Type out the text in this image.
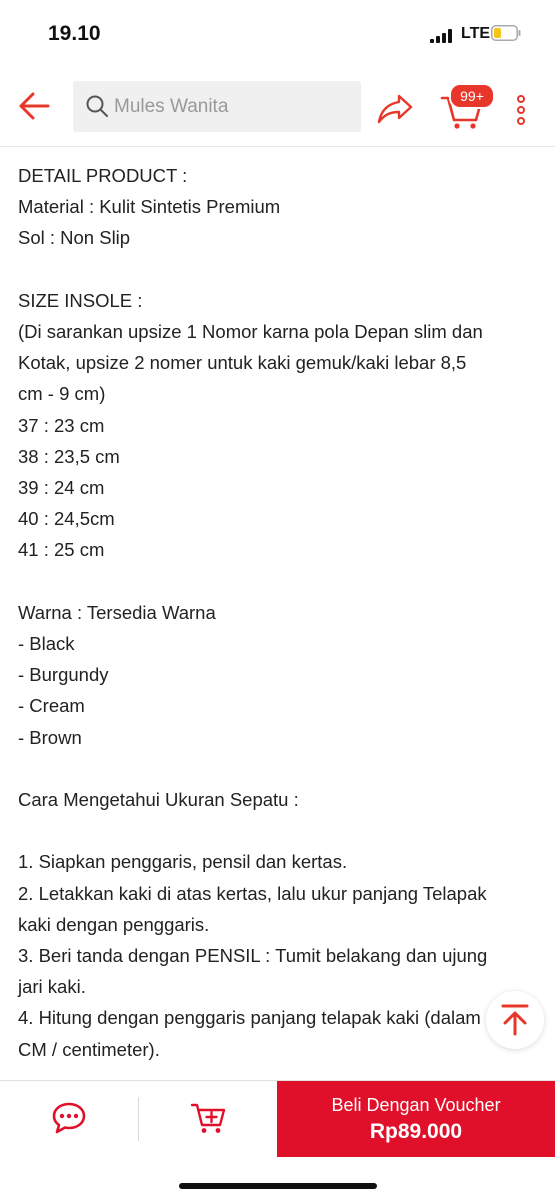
19.10	LTE
Mules Wanita	99+
DETAIL PRODUCT :
Material : Kulit Sintetis Premium
Sol : Non Slip
SIZE INSOLE :
(Di sarankan upsize 1 Nomor karna pola Depan slim dan
Kotak, upsize 2 nomer untuk kaki gemuk/kaki lebar 8,5
cm - 9 cm)
37 : 23 cm
38 : 23,5 cm
39 : 24 cm
40 : 24,5cm
41 : 25 cm
Warna : Tersedia Warna
- Black
- Burgundy
- Cream
- Brown
Cara Mengetahui Ukuran Sepatu :
1. Siapkan penggaris, pensil dan kertas.
2. Letakkan kaki di atas kertas, lalu ukur panjang Telapak
kaki dengan penggaris.
3. Beri tanda dengan PENSIL : Tumit belakang dan ujung
jari kaki.
4. Hitung dengan penggaris panjang telapak kaki (dalam
CM / centimeter).
Beli Dengan Voucher
Rp89.000
